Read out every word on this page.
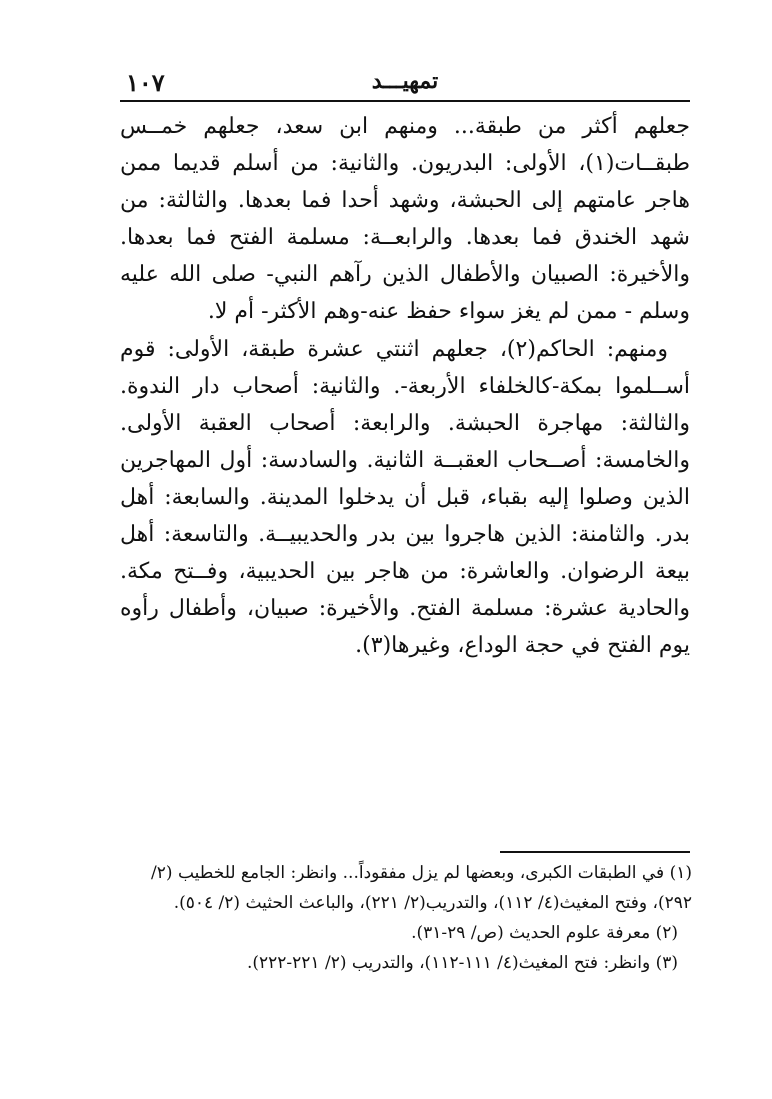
١٠٧	تمهيـــد

جعلهم أكثر من طبقة... ومنهم ابن سعد، جعلهم خمــس طبقــات(١)، الأولى: البدريون. والثانية: من أسلم قديما ممن هاجر عامتهم إلى الحبشة، وشهد أحدا فما بعدها. والثالثة: من شهد الخندق فما بعدها. والرابعــة: مسلمة الفتح فما بعدها. والأخيرة: الصبيان والأطفال الذين رآهم النبي- صلى الله عليه وسلم - ممن لم يغز سواء حفظ عنه-وهم الأكثر- أم لا.

ومنهم: الحاكم(٢)، جعلهم اثنتي عشرة طبقة، الأولى: قوم أســلموا بمكة-كالخلفاء الأربعة-. والثانية: أصحاب دار الندوة. والثالثة: مهاجرة الحبشة. والرابعة: أصحاب العقبة الأولى. والخامسة: أصــحاب العقبــة الثانية. والسادسة: أول المهاجرين الذين وصلوا إليه بقباء، قبل أن يدخلوا المدينة. والسابعة: أهل بدر. والثامنة: الذين هاجروا بين بدر والحديبيــة. والتاسعة: أهل بيعة الرضوان. والعاشرة: من هاجر بين الحديبية، وفــتح مكة. والحادية عشرة: مسلمة الفتح. والأخيرة: صبيان، وأطفال رأوه يوم الفتح في حجة الوداع، وغيرها(٣).

(١) في الطبقات الكبرى، وبعضها لم يزل مفقوداً... وانظر: الجامع للخطيب (٢/ ٢٩٢)، وفتح المغيث(٤/ ١١٢)، والتدريب(٢/ ٢٢١)، والباعث الحثيث (٢/ ٥٠٤).

(٢) معرفة علوم الحديث (ص/ ٢٩-٣١).

(٣) وانظر: فتح المغيث(٤/ ١١١-١١٢)، والتدريب (٢/ ٢٢١-٢٢٢).
